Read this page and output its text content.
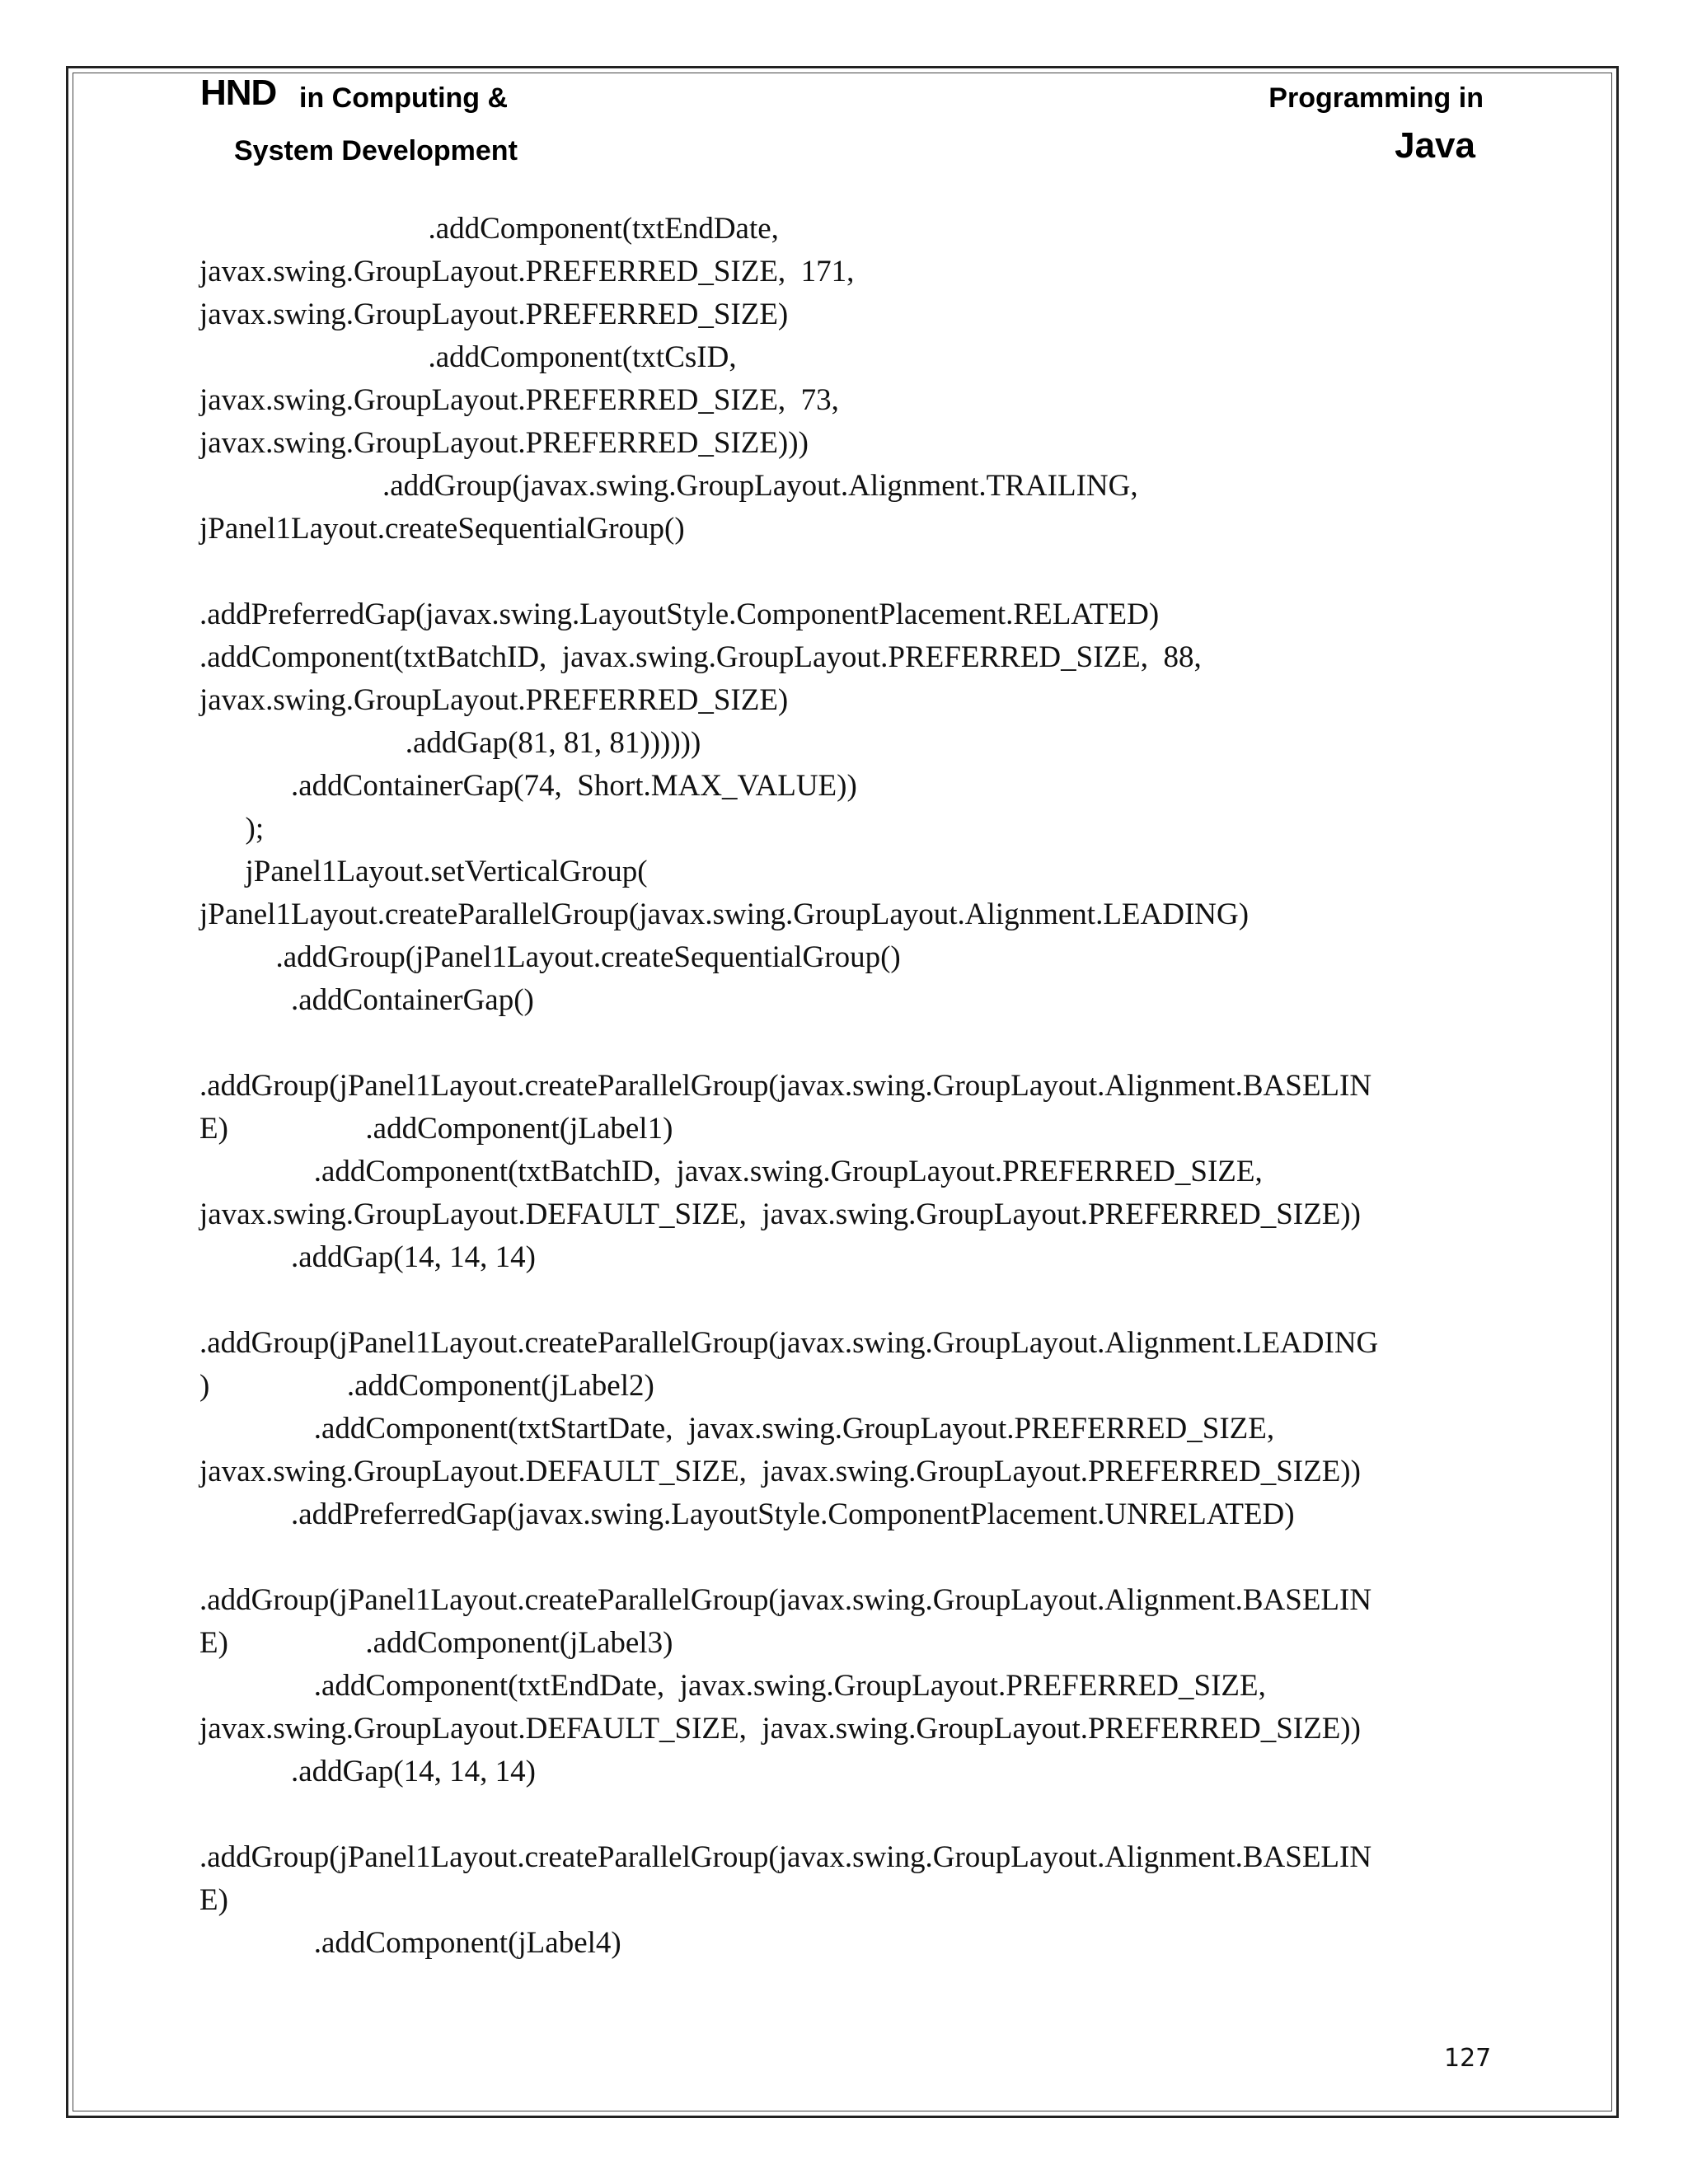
HND in Computing &
System Development
Programming in
Java
.addComponent(txtEndDate,
javax.swing.GroupLayout.PREFERRED_SIZE,  171,
javax.swing.GroupLayout.PREFERRED_SIZE)
.addComponent(txtCsID,
javax.swing.GroupLayout.PREFERRED_SIZE,  73,
javax.swing.GroupLayout.PREFERRED_SIZE)))
.addGroup(javax.swing.GroupLayout.Alignment.TRAILING,
jPanel1Layout.createSequentialGroup()
.addPreferredGap(javax.swing.LayoutStyle.ComponentPlacement.RELATED)
.addComponent(txtBatchID,  javax.swing.GroupLayout.PREFERRED_SIZE,  88,
javax.swing.GroupLayout.PREFERRED_SIZE)
.addGap(81, 81, 81))))))
.addContainerGap(74,  Short.MAX_VALUE))
);
jPanel1Layout.setVerticalGroup(
jPanel1Layout.createParallelGroup(javax.swing.GroupLayout.Alignment.LEADING)
.addGroup(jPanel1Layout.createSequentialGroup()
.addContainerGap()
.addGroup(jPanel1Layout.createParallelGroup(javax.swing.GroupLayout.Alignment.BASELIN
E)                  .addComponent(jLabel1)
.addComponent(txtBatchID,  javax.swing.GroupLayout.PREFERRED_SIZE,
javax.swing.GroupLayout.DEFAULT_SIZE,  javax.swing.GroupLayout.PREFERRED_SIZE))
.addGap(14, 14, 14)
.addGroup(jPanel1Layout.createParallelGroup(javax.swing.GroupLayout.Alignment.LEADING
)                  .addComponent(jLabel2)
.addComponent(txtStartDate,  javax.swing.GroupLayout.PREFERRED_SIZE,
javax.swing.GroupLayout.DEFAULT_SIZE,  javax.swing.GroupLayout.PREFERRED_SIZE))
.addPreferredGap(javax.swing.LayoutStyle.ComponentPlacement.UNRELATED)
.addGroup(jPanel1Layout.createParallelGroup(javax.swing.GroupLayout.Alignment.BASELIN
E)                  .addComponent(jLabel3)
.addComponent(txtEndDate,  javax.swing.GroupLayout.PREFERRED_SIZE,
javax.swing.GroupLayout.DEFAULT_SIZE,  javax.swing.GroupLayout.PREFERRED_SIZE))
.addGap(14, 14, 14)
.addGroup(jPanel1Layout.createParallelGroup(javax.swing.GroupLayout.Alignment.BASELIN
E)
.addComponent(jLabel4)
127
